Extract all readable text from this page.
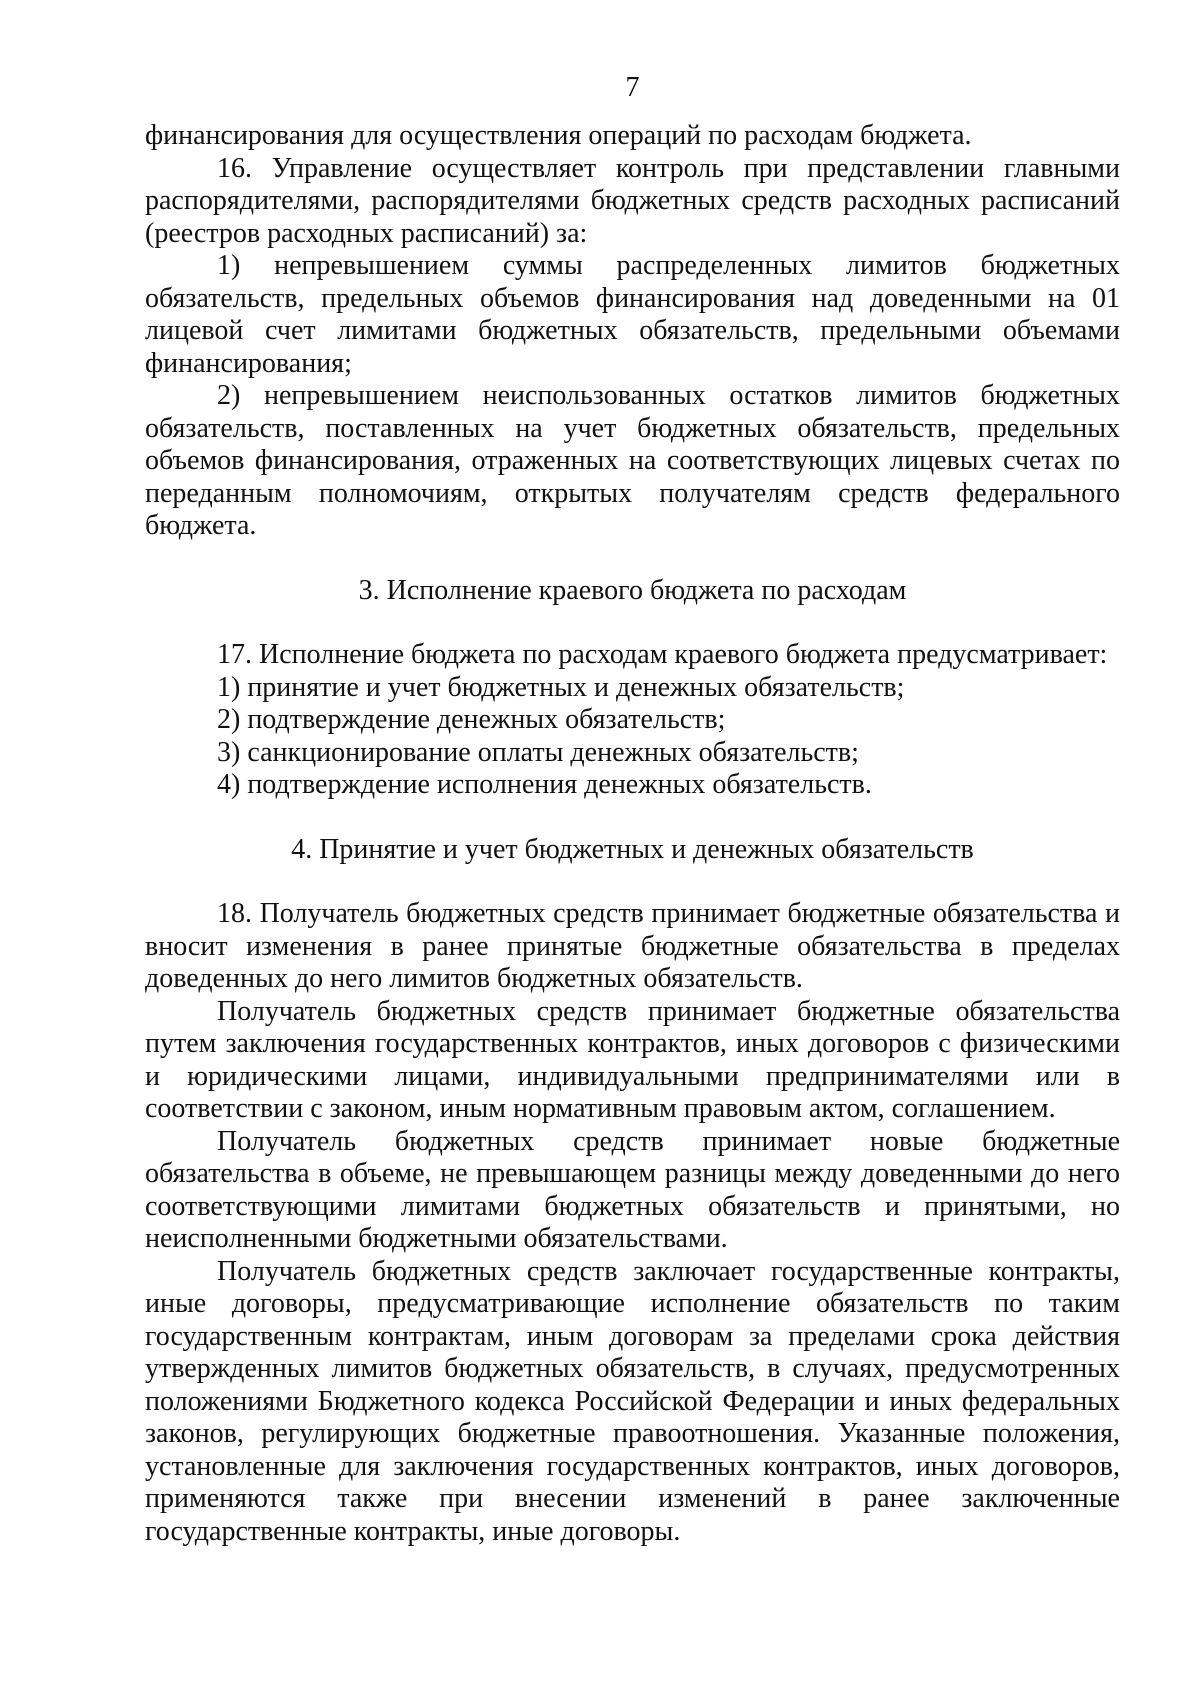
7

финансирования для осуществления операций по расходам бюджета.

16. Управление осуществляет контроль при представлении главными распорядителями, распорядителями бюджетных средств расходных расписаний (реестров расходных расписаний) за:

1) непревышением суммы распределенных лимитов бюджетных обязательств, предельных объемов финансирования над доведенными на 01 лицевой счет лимитами бюджетных обязательств, предельными объемами финансирования;

2) непревышением неиспользованных остатков лимитов бюджетных обязательств, поставленных на учет бюджетных обязательств, предельных объемов финансирования, отраженных на соответствующих лицевых счетах по переданным полномочиям, открытых получателям средств федерального бюджета.

3. Исполнение краевого бюджета по расходам

17. Исполнение бюджета по расходам краевого бюджета предусматривает:

1) принятие и учет бюджетных и денежных обязательств;

2) подтверждение денежных обязательств;

3) санкционирование оплаты денежных обязательств;

4) подтверждение исполнения денежных обязательств.

4. Принятие и учет бюджетных и денежных обязательств

18. Получатель бюджетных средств принимает бюджетные обязательства и вносит изменения в ранее принятые бюджетные обязательства в пределах доведенных до него лимитов бюджетных обязательств.

Получатель бюджетных средств принимает бюджетные обязательства путем заключения государственных контрактов, иных договоров с физическими и юридическими лицами, индивидуальными предпринимателями или в соответствии с законом, иным нормативным правовым актом, соглашением.

Получатель бюджетных средств принимает новые бюджетные обязательства в объеме, не превышающем разницы между доведенными до него соответствующими лимитами бюджетных обязательств и принятыми, но неисполненными бюджетными обязательствами.

Получатель бюджетных средств заключает государственные контракты, иные договоры, предусматривающие исполнение обязательств по таким государственным контрактам, иным договорам за пределами срока действия утвержденных лимитов бюджетных обязательств, в случаях, предусмотренных положениями Бюджетного кодекса Российской Федерации и иных федеральных законов, регулирующих бюджетные правоотношения. Указанные положения, установленные для заключения государственных контрактов, иных договоров, применяются также при внесении изменений в ранее заключенные государственные контракты, иные договоры.
